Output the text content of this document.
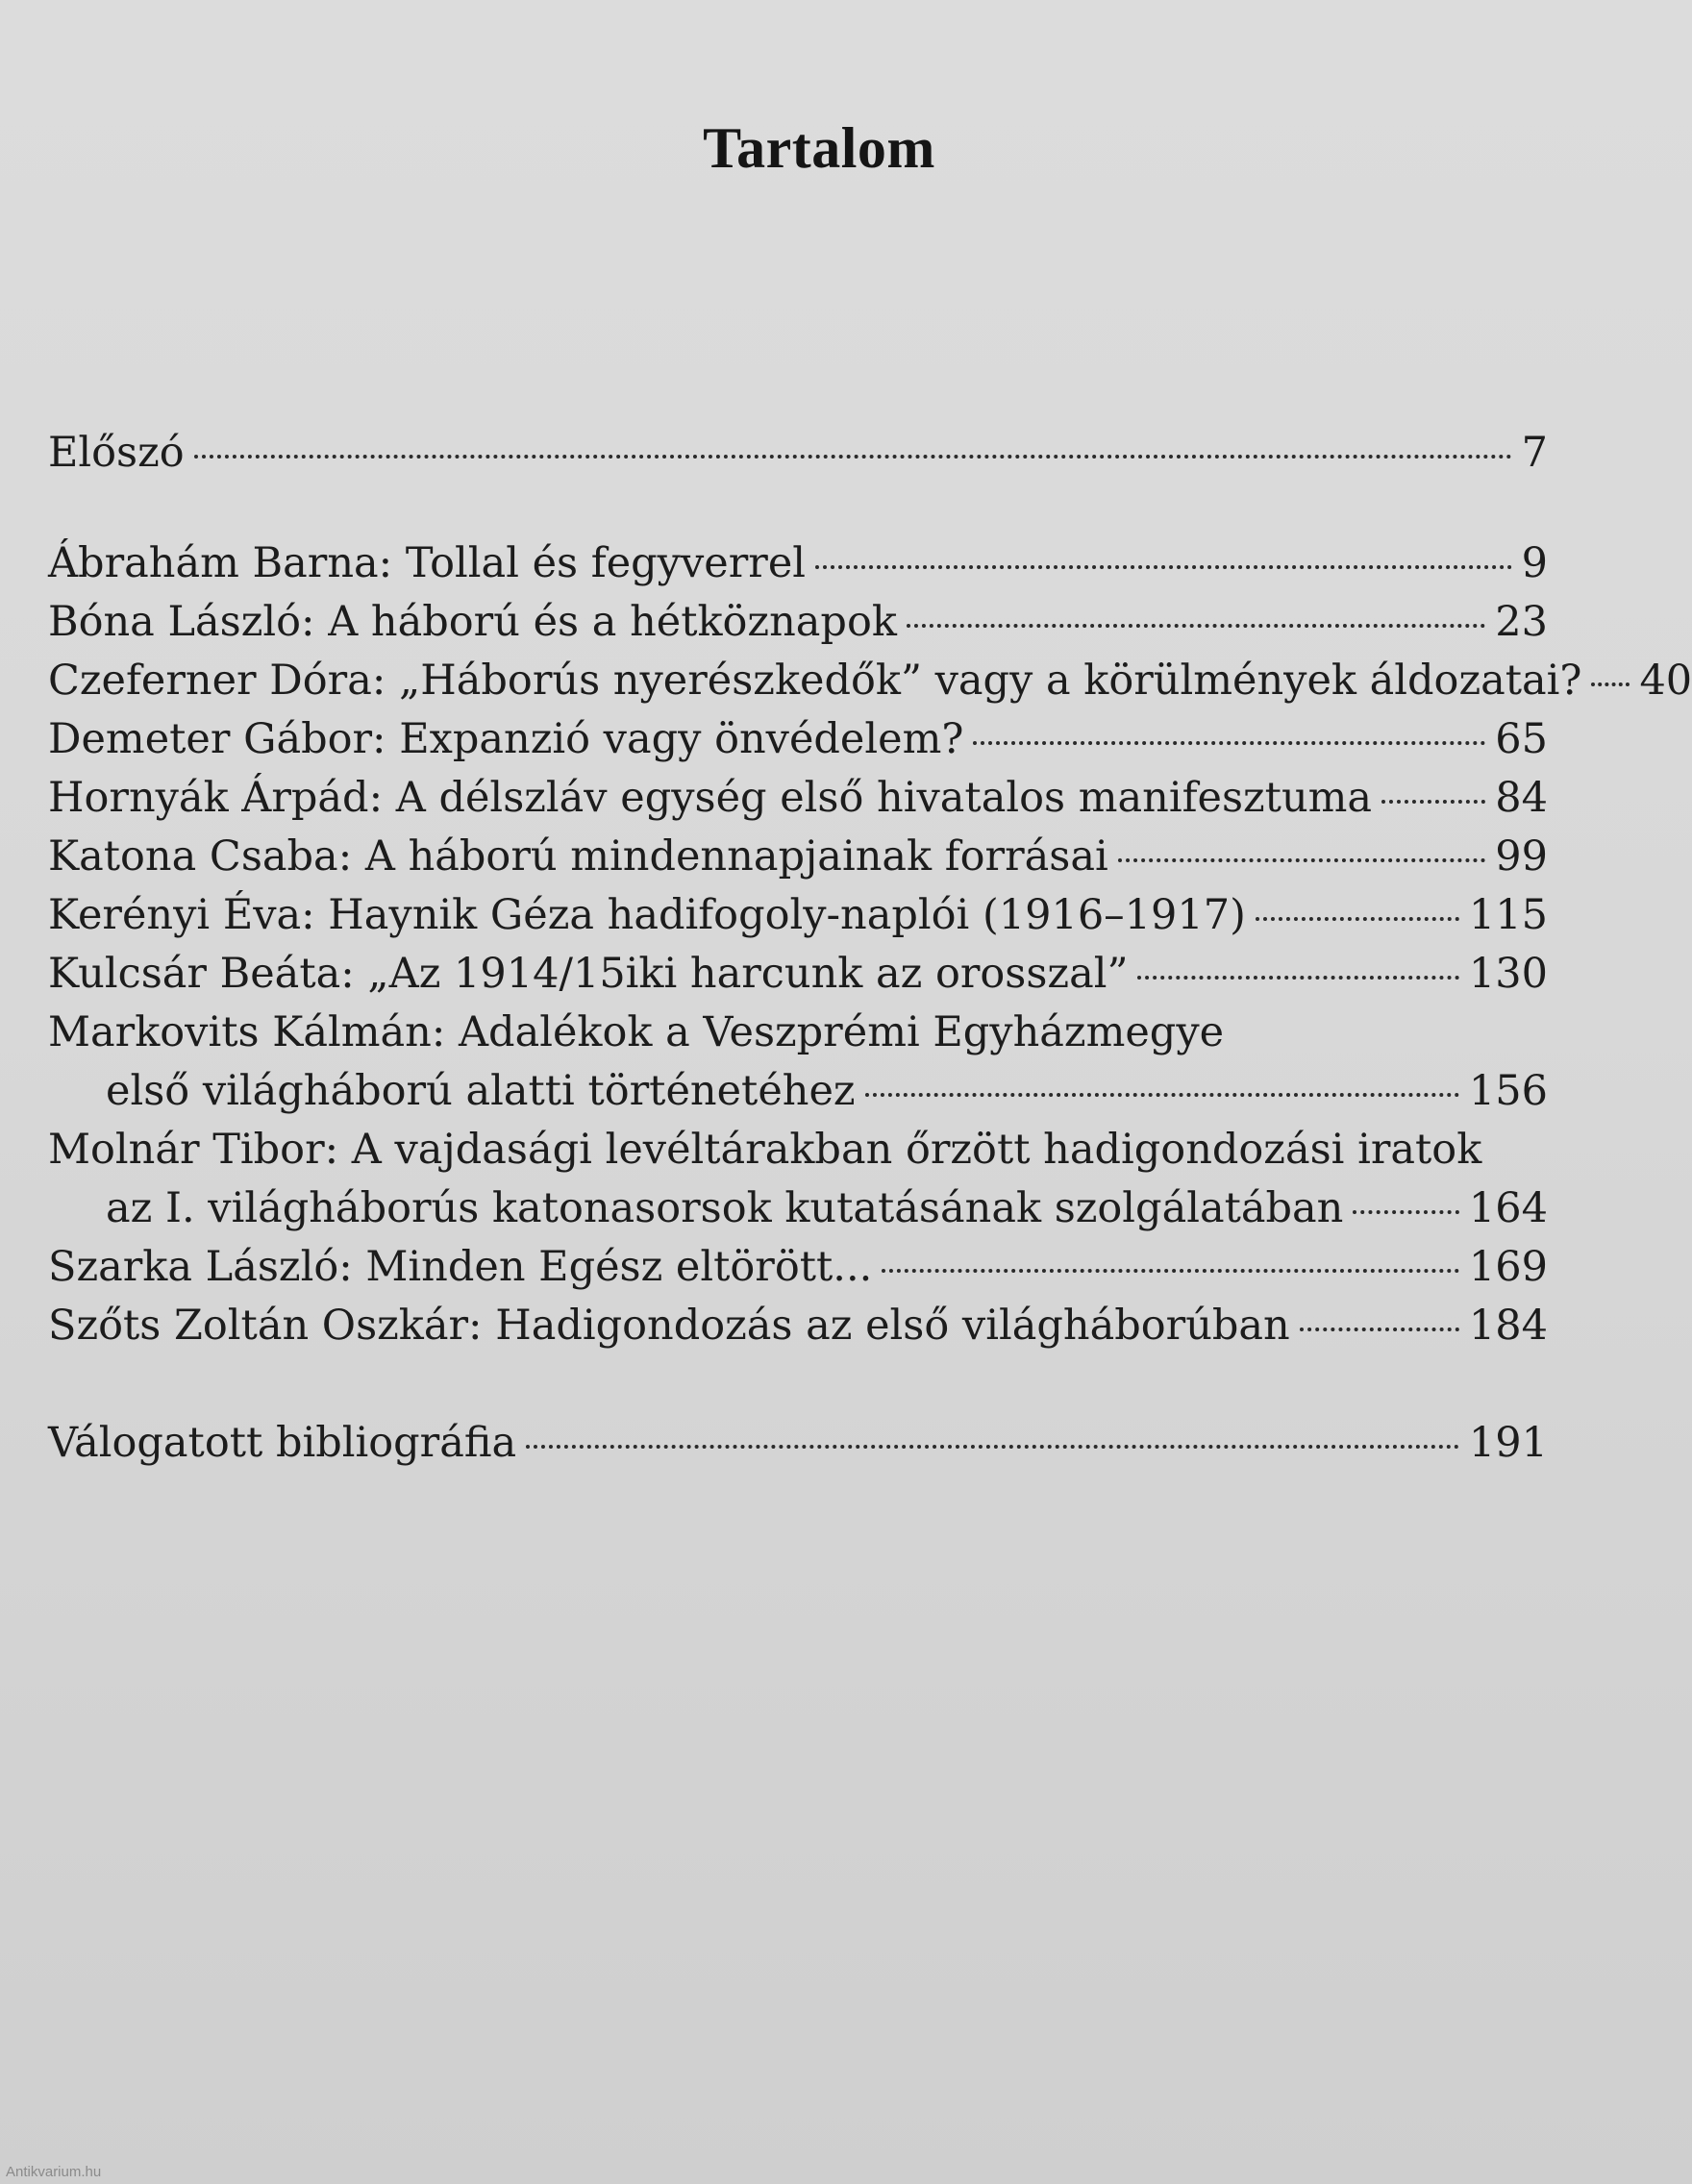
Tartalom
Előszó	7
Ábrahám Barna: Tollal és fegyverrel	9
Bóna László: A háború és a hétköznapok	23
Czeferner Dóra: „Háborús nyerészkedők” vagy a körülmények áldozatai? 40
Demeter Gábor: Expanzió vagy önvédelem?	65
Hornyák Árpád: A délszláv egység első hivatalos manifesztuma	84
Katona Csaba: A háború mindennapjainak forrásai	99
Kerényi Éva: Haynik Géza hadifogoly-naplói (1916–1917)	115
Kulcsár Beáta: „Az 1914/15iki harcunk az orosszal”	130
Markovits Kálmán: Adalékok a Veszprémi Egyházmegye
első világháború alatti történetéhez	156
Molnár Tibor: A vajdasági levéltárakban őrzött hadigondozási iratok
az I. világháborús katonasorsok kutatásának szolgálatában	164
Szarka László: Minden Egész eltörött...	169
Szőts Zoltán Oszkár: Hadigondozás az első világháborúban	184
Válogatott bibliográfia	191
Antikvarium.hu
